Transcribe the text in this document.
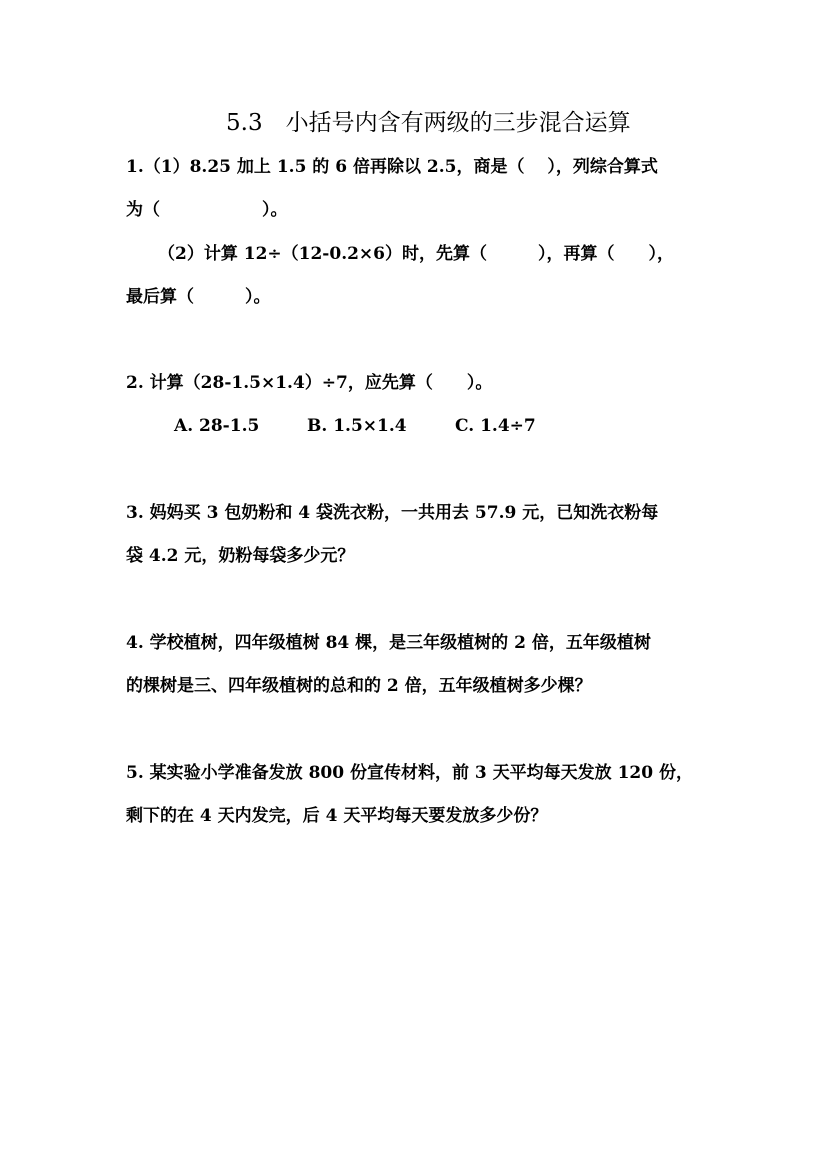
5.3　小括号内含有两级的三步混合运算
1.（1）8.25 加上 1.5 的 6 倍再除以 2.5，商是（　 ），列综合算式
为（　　　　　　）。
（2）计算 12÷（12-0.2×6）时，先算（　　　），再算（　　），
最后算（　　　）。
2. 计算（28-1.5×1.4）÷7，应先算（　　）。
A. 28-1.5	B. 1.5×1.4	C. 1.4÷7
3. 妈妈买 3 包奶粉和 4 袋洗衣粉，一共用去 57.9 元，已知洗衣粉每
袋 4.2 元，奶粉每袋多少元？
4. 学校植树，四年级植树 84 棵，是三年级植树的 2 倍，五年级植树
的棵树是三、四年级植树的总和的 2 倍，五年级植树多少棵？
5. 某实验小学准备发放 800 份宣传材料，前 3 天平均每天发放 120 份，
剩下的在 4 天内发完，后 4 天平均每天要发放多少份？
